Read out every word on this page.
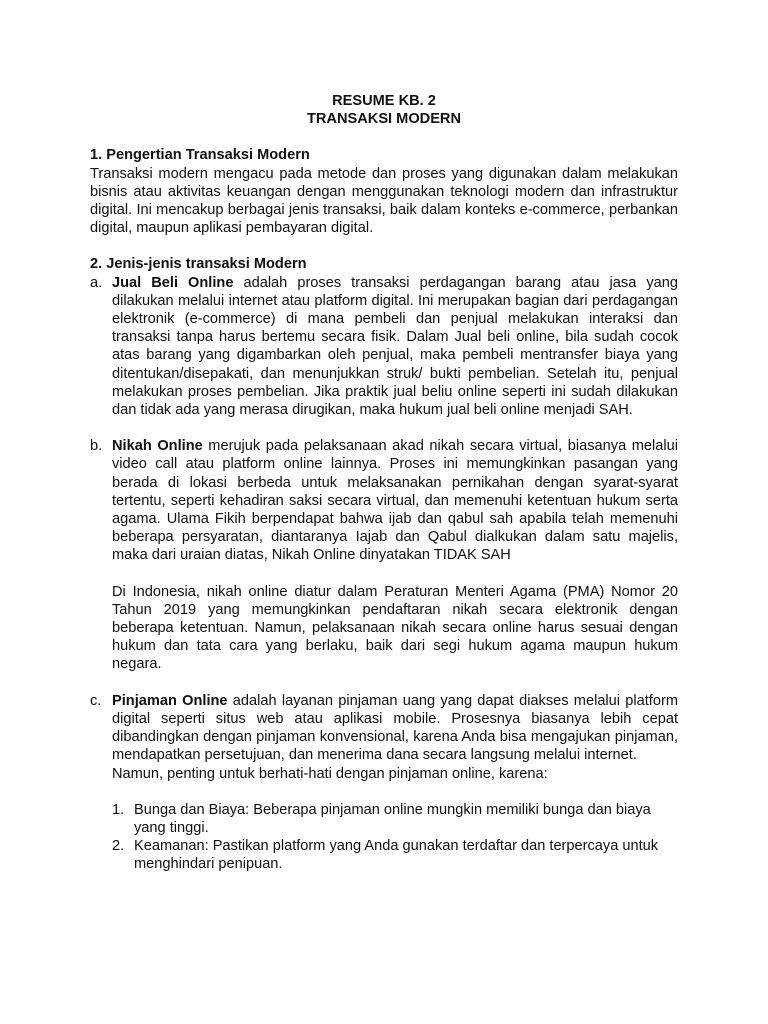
RESUME KB. 2
TRANSAKSI MODERN
1. Pengertian Transaksi Modern

Transaksi modern mengacu pada metode dan proses yang digunakan dalam melakukan bisnis atau aktivitas keuangan dengan menggunakan teknologi modern dan infrastruktur digital. Ini mencakup berbagai jenis transaksi, baik dalam konteks e-commerce, perbankan digital, maupun aplikasi pembayaran digital.

2. Jenis-jenis transaksi Modern
a. Jual Beli Online adalah proses transaksi perdagangan barang atau jasa yang dilakukan melalui internet atau platform digital. Ini merupakan bagian dari perdagangan elektronik (e-commerce) di mana pembeli dan penjual melakukan interaksi dan transaksi tanpa harus bertemu secara fisik. Dalam Jual beli online, bila sudah cocok atas barang yang digambarkan oleh penjual, maka pembeli mentransfer biaya yang ditentukan/disepakati, dan menunjukkan struk/ bukti pembelian. Setelah itu, penjual melakukan proses pembelian. Jika praktik jual beliu online seperti ini sudah dilakukan dan tidak ada yang merasa dirugikan, maka hukum jual beli online menjadi SAH.
b. Nikah Online merujuk pada pelaksanaan akad nikah secara virtual, biasanya melalui video call atau platform online lainnya. Proses ini memungkinkan pasangan yang berada di lokasi berbeda untuk melaksanakan pernikahan dengan syarat-syarat tertentu, seperti kehadiran saksi secara virtual, dan memenuhi ketentuan hukum serta agama. Ulama Fikih berpendapat bahwa ijab dan qabul sah apabila telah memenuhi beberapa persyaratan, diantaranya Iajab dan Qabul dialkukan dalam satu majelis, maka dari uraian diatas, Nikah Online dinyatakan TIDAK SAH
Di Indonesia, nikah online diatur dalam Peraturan Menteri Agama (PMA) Nomor 20 Tahun 2019 yang memungkinkan pendaftaran nikah secara elektronik dengan beberapa ketentuan. Namun, pelaksanaan nikah secara online harus sesuai dengan hukum dan tata cara yang berlaku, baik dari segi hukum agama maupun hukum negara.
c. Pinjaman Online adalah layanan pinjaman uang yang dapat diakses melalui platform digital seperti situs web atau aplikasi mobile. Prosesnya biasanya lebih cepat dibandingkan dengan pinjaman konvensional, karena Anda bisa mengajukan pinjaman, mendapatkan persetujuan, dan menerima dana secara langsung melalui internet.
Namun, penting untuk berhati-hati dengan pinjaman online, karena:
1. Bunga dan Biaya: Beberapa pinjaman online mungkin memiliki bunga dan biaya yang tinggi.
2. Keamanan: Pastikan platform yang Anda gunakan terdaftar dan terpercaya untuk menghindari penipuan.
